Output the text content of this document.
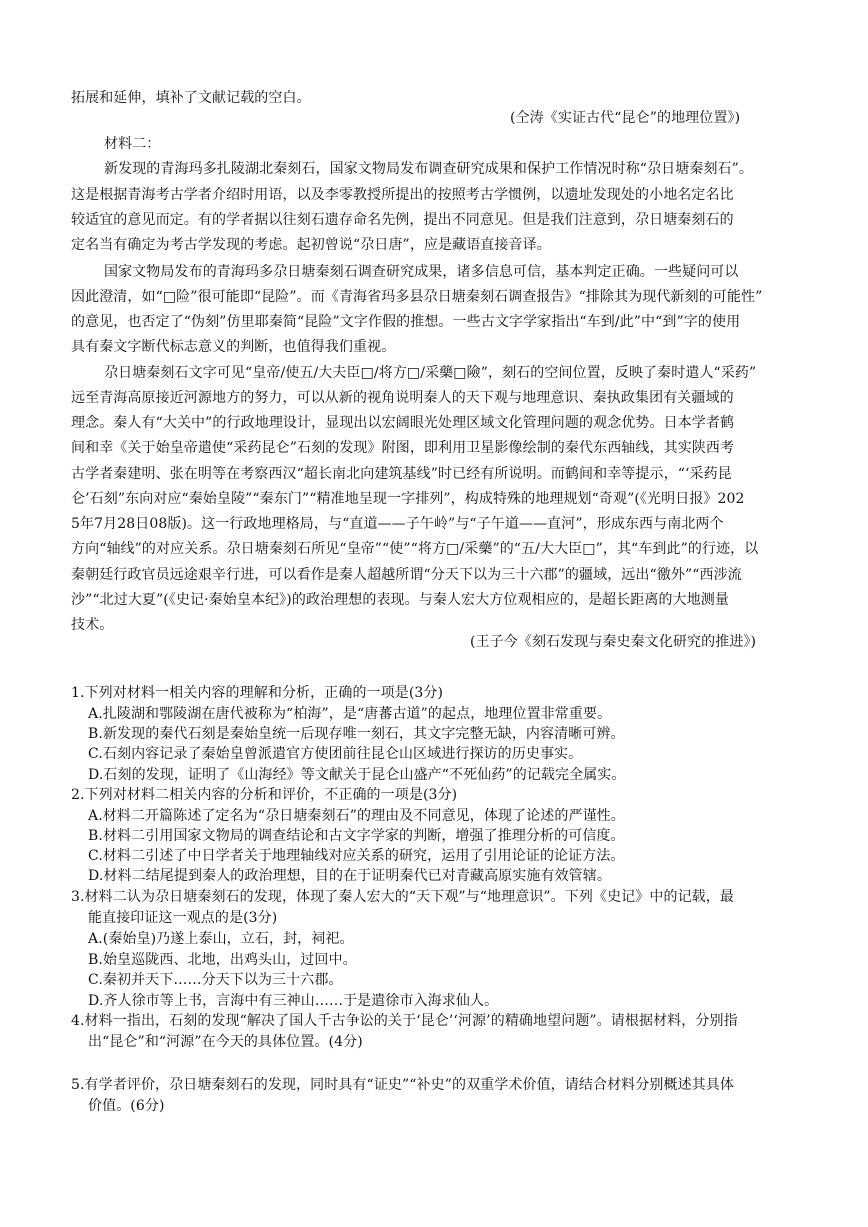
拓展和延伸，填补了文献记载的空白。
(仝涛《实证古代“昆仑”的地理位置》)
材料二：
新发现的青海玛多扎陵湖北秦刻石，国家文物局发布调查研究成果和保护工作情况时称“尕日塘秦刻石”。
这是根据青海考古学者介绍时用语，以及李零教授所提出的按照考古学惯例，以遗址发现处的小地名定名比
较适宜的意见而定。有的学者据以往刻石遗存命名先例，提出不同意见。但是我们注意到，尕日塘秦刻石的
定名当有确定为考古学发现的考虑。起初曾说“尕日唐”，应是藏语直接音译。
国家文物局发布的青海玛多尕日塘秦刻石调查研究成果，诸多信息可信，基本判定正确。一些疑问可以
因此澄清，如“□险”很可能即“昆险”。而《青海省玛多县尕日塘秦刻石调查报告》“排除其为现代新刻的可能性”
的意见，也否定了“伪刻”仿里耶秦简“昆险”文字作假的推想。一些古文字学家指出“车到/此”中“到”字的使用
具有秦文字断代标志意义的判断，也值得我们重视。
尕日塘秦刻石文字可见“皇帝/使五/大夫臣□/将方□/采藥□險”，刻石的空间位置，反映了秦时遣人“采药”
远至青海高原接近河源地方的努力，可以从新的视角说明秦人的天下观与地理意识、秦执政集团有关疆域的
理念。秦人有“大关中”的行政地理设计，显现出以宏阔眼光处理区域文化管理问题的观念优势。日本学者鹤
间和幸《关于始皇帝遣使“采药昆仑”石刻的发现》附图，即利用卫星影像绘制的秦代东西轴线，其实陕西考
古学者秦建明、张在明等在考察西汉“超长南北向建筑基线”时已经有所说明。而鹤间和幸等提示，“‘采药昆
仑’石刻”东向对应“秦始皇陵”“秦东门”“精准地呈现一字排列”，构成特殊的地理规划“奇观”(《光明日报》202
5年7月28日08版)。这一行政地理格局，与“直道——子午岭”与“子午道——直河”，形成东西与南北两个
方向“轴线”的对应关系。尕日塘秦刻石所见“皇帝”“使”“将方□/采藥”的“五/大大臣□”，其“车到此”的行迹，以
秦朝廷行政官员远途艰辛行进，可以看作是秦人超越所谓“分天下以为三十六郡”的疆域，远出“徼外”“西涉流
沙”“北过大夏”(《史记·秦始皇本纪》)的政治理想的表现。与秦人宏大方位观相应的，是超长距离的大地测量
技术。
(王子今《刻石发现与秦史秦文化研究的推进》)
1.下列对材料一相关内容的理解和分析，正确的一项是(3分)
A.扎陵湖和鄂陵湖在唐代被称为“柏海”，是“唐蕃古道”的起点，地理位置非常重要。
B.新发现的秦代石刻是秦始皇统一后现存唯一刻石，其文字完整无缺，内容清晰可辨。
C.石刻内容记录了秦始皇曾派遣官方使团前往昆仑山区域进行探访的历史事实。
D.石刻的发现，证明了《山海经》等文献关于昆仑山盛产“不死仙药”的记载完全属实。
2.下列对材料二相关内容的分析和评价，不正确的一项是(3分)
A.材料二开篇陈述了定名为“尕日塘秦刻石”的理由及不同意见，体现了论述的严谨性。
B.材料二引用国家文物局的调查结论和古文字学家的判断，增强了推理分析的可信度。
C.材料二引述了中日学者关于地理轴线对应关系的研究，运用了引用论证的论证方法。
D.材料二结尾提到秦人的政治理想，目的在于证明秦代已对青藏高原实施有效管辖。
3.材料二认为尕日塘秦刻石的发现，体现了秦人宏大的“天下观”与“地理意识”。下列《史记》中的记载，最
能直接印证这一观点的是(3分)
A.(秦始皇)乃遂上泰山，立石，封，祠祀。
B.始皇巡陇西、北地，出鸡头山，过回中。
C.秦初并天下……分天下以为三十六郡。
D.齐人徐市等上书，言海中有三神山……于是遣徐市入海求仙人。
4.材料一指出，石刻的发现“解决了国人千古争讼的关于‘昆仑’‘河源’的精确地望问题”。请根据材料，分别指
出“昆仑”和“河源”在今天的具体位置。(4分)
5.有学者评价，尕日塘秦刻石的发现，同时具有“证史”“补史”的双重学术价值，请结合材料分别概述其具体
价值。(6分)
